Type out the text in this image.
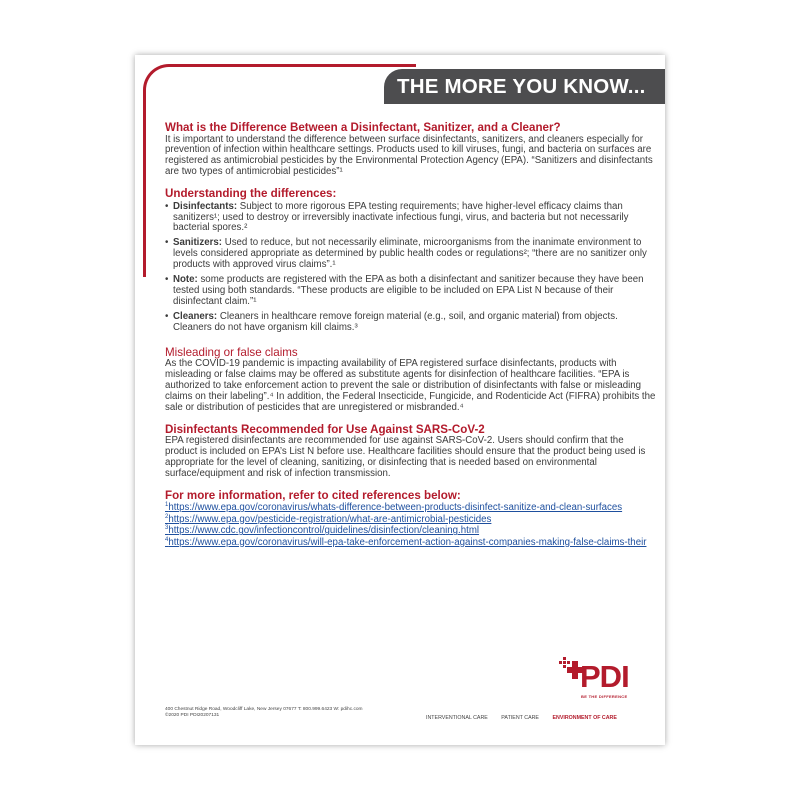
THE MORE YOU KNOW...
What is the Difference Between a Disinfectant, Sanitizer, and a Cleaner?

It is important to understand the difference between surface disinfectants, sanitizers, and cleaners especially for prevention of infection within healthcare settings. Products used to kill viruses, fungi, and bacteria on surfaces are registered as antimicrobial pesticides by the Environmental Protection Agency (EPA). “Sanitizers and disinfectants are two types of antimicrobial pesticides”¹

Understanding the differences:
• Disinfectants: Subject to more rigorous EPA testing requirements; have higher-level efficacy claims than sanitizers¹; used to destroy or irreversibly inactivate infectious fungi, virus, and bacteria but not necessarily bacterial spores.²
• Sanitizers: Used to reduce, but not necessarily eliminate, microorganisms from the inanimate environment to levels considered appropriate as determined by public health codes or regulations²; “there are no sanitizer only products with approved virus claims”.¹
• Note: some products are registered with the EPA as both a disinfectant and sanitizer because they have been tested using both standards. “These products are eligible to be included on EPA List N because of their disinfectant claim.”¹
• Cleaners: Cleaners in healthcare remove foreign material (e.g., soil, and organic material) from objects. Cleaners do not have organism kill claims.³
Misleading or false claims

As the COVID-19 pandemic is impacting availability of EPA registered surface disinfectants, products with misleading or false claims may be offered as substitute agents for disinfection of healthcare facilities. “EPA is authorized to take enforcement action to prevent the sale or distribution of disinfectants with false or misleading claims on their labeling”.⁴ In addition, the Federal Insecticide, Fungicide, and Rodenticide Act (FIFRA) prohibits the sale or distribution of pesticides that are unregistered or misbranded.⁴

Disinfectants Recommended for Use Against SARS-CoV-2

EPA registered disinfectants are recommended for use against SARS-CoV-2. Users should confirm that the product is included on EPA’s List N before use. Healthcare facilities should ensure that the product being used is appropriate for the level of cleaning, sanitizing, or disinfecting that is needed based on environmental surface/equipment and risk of infection transmission.

For more information, refer to cited references below:
$^1$https://www.epa.gov/coronavirus/whats-difference-between-products-disinfect-sanitize-and-clean-surfaces
$^2$https://www.epa.gov/pesticide-registration/what-are-antimicrobial-pesticides
$^3$https://www.cdc.gov/infectioncontrol/guidelines/disinfection/cleaning.html
$^4$https://www.epa.gov/coronavirus/will-epa-take-enforcement-action-against-companies-making-false-claims-their
PDI
BE THE DIFFERENCE
400 Chestnut Ridge Road, Woodcliff Lake, New Jersey 07677 T: 800.999.6423 W: pdihc.com
©2020 PDI PDI20207131	INTERVENTIONAL CARE	PATIENT CARE	ENVIRONMENT OF CARE
